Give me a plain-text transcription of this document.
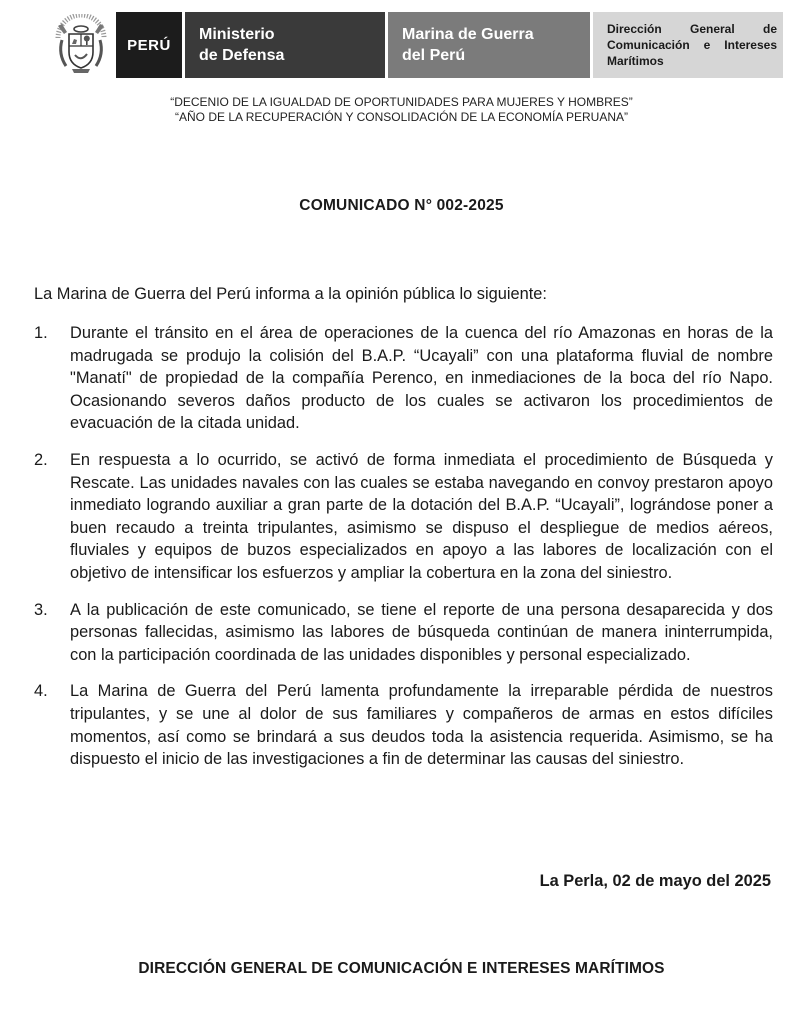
PERÚ
Ministerio
de Defensa
Marina de Guerra
del Perú
Dirección General de Comunicación e Intereses Marítimos
“DECENIO DE LA IGUALDAD DE OPORTUNIDADES PARA MUJERES Y HOMBRES”
“AÑO DE LA RECUPERACIÓN Y CONSOLIDACIÓN DE LA ECONOMÍA PERUANA”
COMUNICADO N° 002-2025
La Marina de Guerra del Perú informa a la opinión pública lo siguiente:
1.	Durante el tránsito en el área de operaciones de la cuenca del río Amazonas en horas de la madrugada se produjo la colisión del B.A.P. “Ucayali” con una plataforma fluvial de nombre "Manatí" de propiedad de la compañía Perenco, en inmediaciones de la boca del río Napo. Ocasionando severos daños producto de los cuales se activaron los procedimientos de evacuación de la citada unidad.
2.	En respuesta a lo ocurrido, se activó de forma inmediata el procedimiento de Búsqueda y Rescate. Las unidades navales con las cuales se estaba navegando en convoy prestaron apoyo inmediato logrando auxiliar a gran parte de la dotación del B.A.P. “Ucayali”, lográndose poner a buen recaudo a treinta tripulantes, asimismo se dispuso el despliegue de medios aéreos, fluviales y equipos de buzos especializados en apoyo a las labores de localización con el objetivo de intensificar los esfuerzos y ampliar la cobertura en la zona del siniestro.
3.	A la publicación de este comunicado, se tiene el reporte de una persona desaparecida y dos personas fallecidas, asimismo las labores de búsqueda continúan de manera ininterrumpida, con la participación coordinada de las unidades disponibles y personal especializado.
4.	La Marina de Guerra del Perú lamenta profundamente la irreparable pérdida de nuestros tripulantes, y se une al dolor de sus familiares y compañeros de armas en estos difíciles momentos, así como se brindará a sus deudos toda la asistencia requerida. Asimismo, se ha dispuesto el inicio de las investigaciones a fin de determinar las causas del siniestro.
La Perla, 02 de mayo del 2025
DIRECCIÓN GENERAL DE COMUNICACIÓN E INTERESES MARÍTIMOS
